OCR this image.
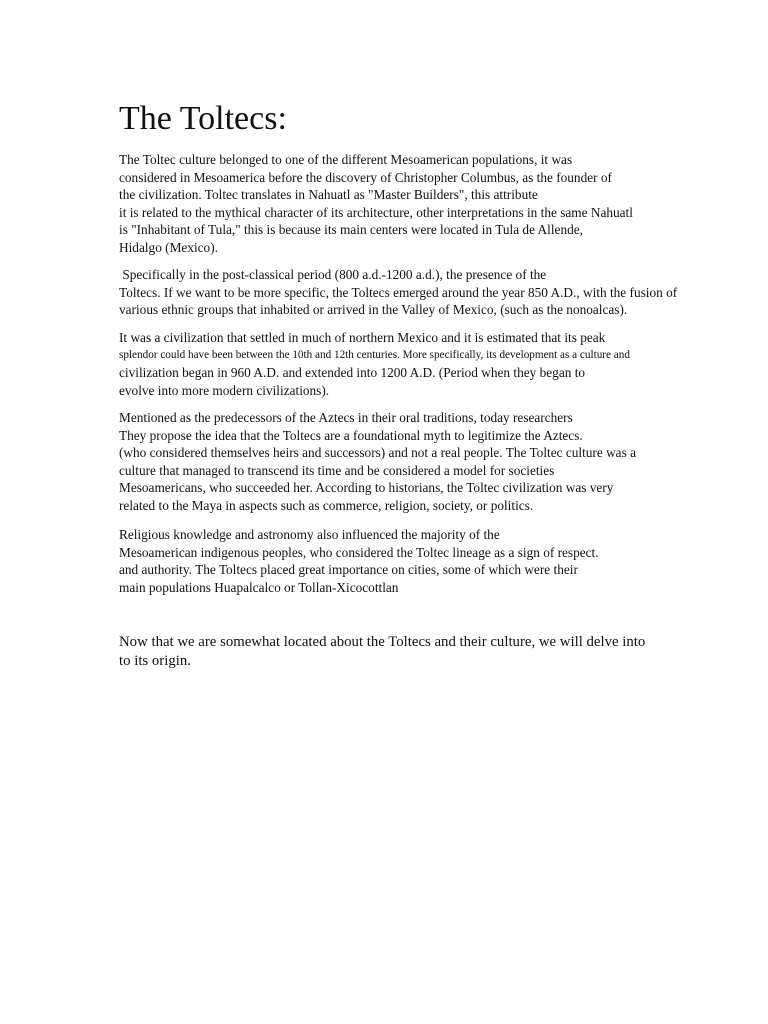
The Toltecs:

The Toltec culture belonged to one of the different Mesoamerican populations, it was
considered in Mesoamerica before the discovery of Christopher Columbus, as the founder of
the civilization. Toltec translates in Nahuatl as "Master Builders", this attribute
it is related to the mythical character of its architecture, other interpretations in the same Nahuatl
is "Inhabitant of Tula," this is because its main centers were located in Tula de Allende,
Hidalgo (Mexico).

Specifically in the post-classical period (800 a.d.-1200 a.d.), the presence of the
Toltecs. If we want to be more specific, the Toltecs emerged around the year 850 A.D., with the fusion of
various ethnic groups that inhabited or arrived in the Valley of Mexico, (such as the nonoalcas).

It was a civilization that settled in much of northern Mexico and it is estimated that its peak
splendor could have been between the 10th and 12th centuries. More specifically, its development as a culture and
civilization began in 960 A.D. and extended into 1200 A.D. (Period when they began to
evolve into more modern civilizations).

Mentioned as the predecessors of the Aztecs in their oral traditions, today researchers
They propose the idea that the Toltecs are a foundational myth to legitimize the Aztecs.
(who considered themselves heirs and successors) and not a real people. The Toltec culture was a
culture that managed to transcend its time and be considered a model for societies
Mesoamericans, who succeeded her. According to historians, the Toltec civilization was very
related to the Maya in aspects such as commerce, religion, society, or politics.

Religious knowledge and astronomy also influenced the majority of the
Mesoamerican indigenous peoples, who considered the Toltec lineage as a sign of respect.
and authority. The Toltecs placed great importance on cities, some of which were their
main populations Huapalcalco or Tollan-Xicocottlan

Now that we are somewhat located about the Toltecs and their culture, we will delve into
to its origin.
